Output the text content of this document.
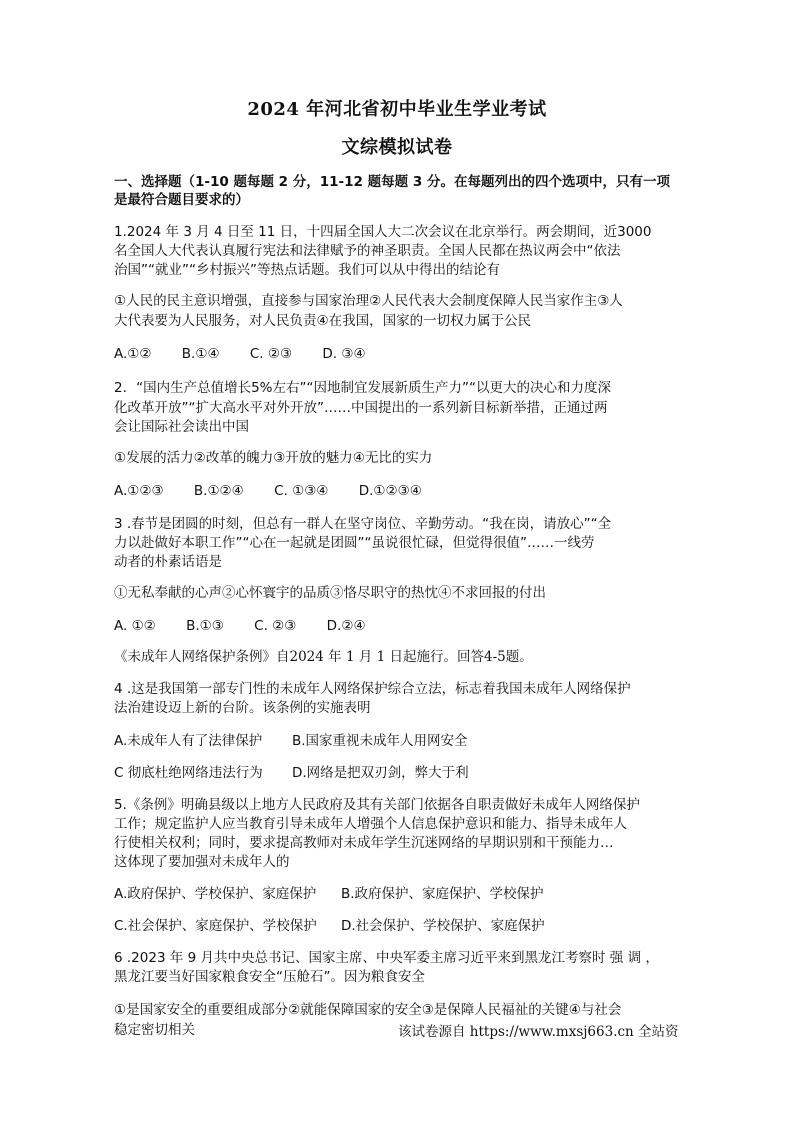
2024 年河北省初中毕业生学业考试
文综模拟试卷
一、选择题（1-10 题每题 2 分，11-12 题每题 3 分。在每题列出的四个选项中，只有一项
是最符合题目要求的）
1.2024 年 3 月 4 日至 11 日，十四届全国人大二次会议在北京举行。两会期间，近3000
名全国人大代表认真履行宪法和法律赋予的神圣职责。全国人民都在热议两会中“依法
治国”“就业”“乡村振兴”等热点话题。我们可以从中得出的结论有
①人民的民主意识增强，直接参与国家治理②人民代表大会制度保障人民当家作主③人
大代表要为人民服务，对人民负责④在我国，国家的一切权力属于公民
A.①② B.①④ C. ②③ D. ③④
2．“国内生产总值增长5%左右”“因地制宜发展新质生产力”“以更大的决心和力度深
化改革开放”“扩大高水平对外开放”……中国提出的一系列新目标新举措，正通过两
会让国际社会读出中国
①发展的活力②改革的魄力③开放的魅力④无比的实力
A.①②③ B.①②④ C. ①③④ D.①②③④
3 .春节是团圆的时刻，但总有一群人在坚守岗位、辛勤劳动。“我在岗，请放心”“全
力以赴做好本职工作”“心在一起就是团圆”“虽说很忙碌，但觉得很值”……一线劳
动者的朴素话语是
①无私奉献的心声②心怀寰宇的品质③恪尽职守的热忱④不求回报的付出
A. ①② B.①③ C. ②③ D.②④
《未成年人网络保护条例》自2024 年 1 月 1 日起施行。回答4-5题。
4 .这是我国第一部专门性的未成年人网络保护综合立法，标志着我国未成年人网络保护
法治建设迈上新的台阶。该条例的实施表明
A.未成年人有了法律保护 B.国家重视未成年人用网安全
C 彻底杜绝网络违法行为 D.网络是把双刃剑，弊大于利
5.《条例》明确县级以上地方人民政府及其有关部门依据各自职责做好未成年人网络保护
工作；规定监护人应当教育引导未成年人增强个人信息保护意识和能力、指导未成年人
行使相关权利；同时，要求提高教师对未成年学生沉迷网络的早期识别和干预能力…
这体现了要加强对未成年人的
A.政府保护、学校保护、家庭保护 B.政府保护、家庭保护、学校保护
C.社会保护、家庭保护、学校保护 D.社会保护、学校保护、家庭保护
6 .2023 年 9 月共中央总书记、国家主席、中央军委主席习近平来到黑龙江考察时 强 调 ，
黑龙江要当好国家粮食安全“压舱石”。因为粮食安全
①是国家安全的重要组成部分②就能保障国家的安全③是保障人民福祉的关键④与社会
稳定密切相关	该试卷源自 https://www.mxsj663.cn 全站资
